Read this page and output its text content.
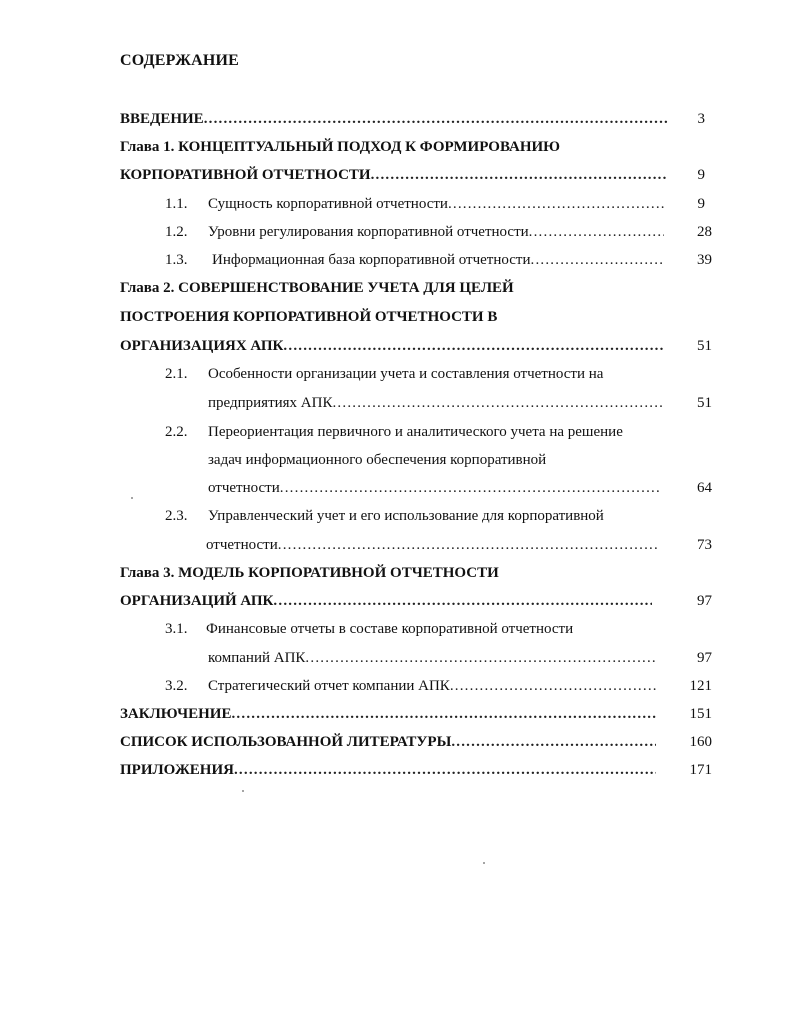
СОДЕРЖАНИЕ
ВВЕДЕНИЕ .....	3
Глава 1. КОНЦЕПТУАЛЬНЫЙ ПОДХОД К ФОРМИРОВАНИЮ
КОРПОРАТИВНОЙ ОТЧЕТНОСТИ .....	9
1.1. Сущность корпоративной отчетности .....	9
1.2. Уровни регулирования корпоративной отчетности .....	28
1.3. Информационная база корпоративной отчетности .....	39
Глава 2. СОВЕРШЕНСТВОВАНИЕ УЧЕТА ДЛЯ ЦЕЛЕЙ
ПОСТРОЕНИЯ КОРПОРАТИВНОЙ ОТЧЕТНОСТИ В
ОРГАНИЗАЦИЯХ АПК .....	51
2.1. Особенности организации учета и составления отчетности на
предприятиях АПК .....	51
2.2. Переориентация первичного и аналитического учета на решение
задач информационного обеспечения корпоративной
отчетности .....	64
2.3. Управленческий учет и его использование для корпоративной
отчетности .....	73
Глава 3. МОДЕЛЬ КОРПОРАТИВНОЙ ОТЧЕТНОСТИ
ОРГАНИЗАЦИЙ АПК .....	97
3.1. Финансовые отчеты в составе корпоративной отчетности
компаний АПК .....	97
3.2. Стратегический отчет компании АПК .....	121
ЗАКЛЮЧЕНИЕ .....	151
СПИСОК ИСПОЛЬЗОВАННОЙ ЛИТЕРАТУРЫ .....	160
ПРИЛОЖЕНИЯ .....	171
